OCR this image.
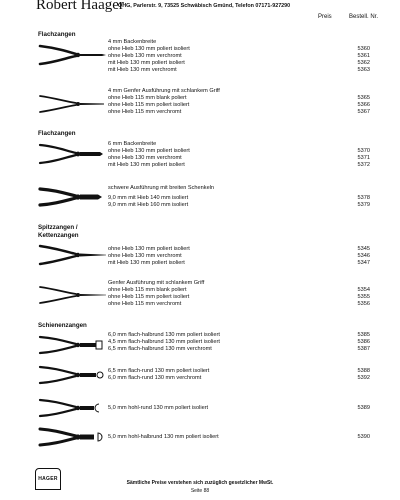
Robert Haager
OHG, Parlerstr. 9, 73525 Schwäbisch Gmünd, Telefon 07171-927290
Preis	Bestell. Nr.
Flachzangen
4 mm Backenbreite
ohne Hieb 130 mm poliert isoliert	5360
ohne Hieb 130 mm verchromt	5361
mit Hieb 130 mm poliert isoliert	5362
mit Hieb 130 mm verchromt	5363
4 mm Genfer Ausführung mit schlankem Griff
ohne Hieb 115 mm blank poliert	5365
ohne Hieb 115 mm poliert isoliert	5366
ohne Hieb 115 mm verchromt	5367
Flachzangen
6 mm Backenbreite
ohne Hieb 130 mm poliert isoliert	5370
ohne Hieb 130 mm verchromt	5371
mit Hieb 130 mm poliert isoliert	5372
schwere Ausführung mit breiten Schenkeln
9,0 mm mit Hieb 140 mm isoliert	5378
9,0 mm mit Hieb 160 mm isoliert	5379
Spitzzangen /
Kettenzangen
ohne Hieb 130 mm poliert isoliert	5345
ohne Hieb 130 mm verchromt	5346
mit Hieb 130 mm poliert isoliert	5347
Genfer Ausführung mit schlankem Griff
ohne Hieb 115 mm blank poliert	5354
ohne Hieb 115 mm poliert isoliert	5355
ohne Hieb 115 mm verchromt	5356
Schienenzangen
6,0 mm flach-halbrund 130 mm poliert isoliert	5385
4,5 mm flach-halbrund 130 mm poliert isoliert	5386
6,5 mm flach-halbrund 130 mm verchromt	5387
6,5 mm flach-rund 130 mm poliert isoliert	5388
6,0 mm flach-rund 130 mm verchromt	5392
5,0 mm hohl-rund 130 mm poliert isoliert	5389
5,0 mm hohl-halbrund 130 mm poliert isoliert	5390
HAGER
Sämtliche Preise verstehen sich zuzüglich gesetzlicher MwSt.
Seite 88
